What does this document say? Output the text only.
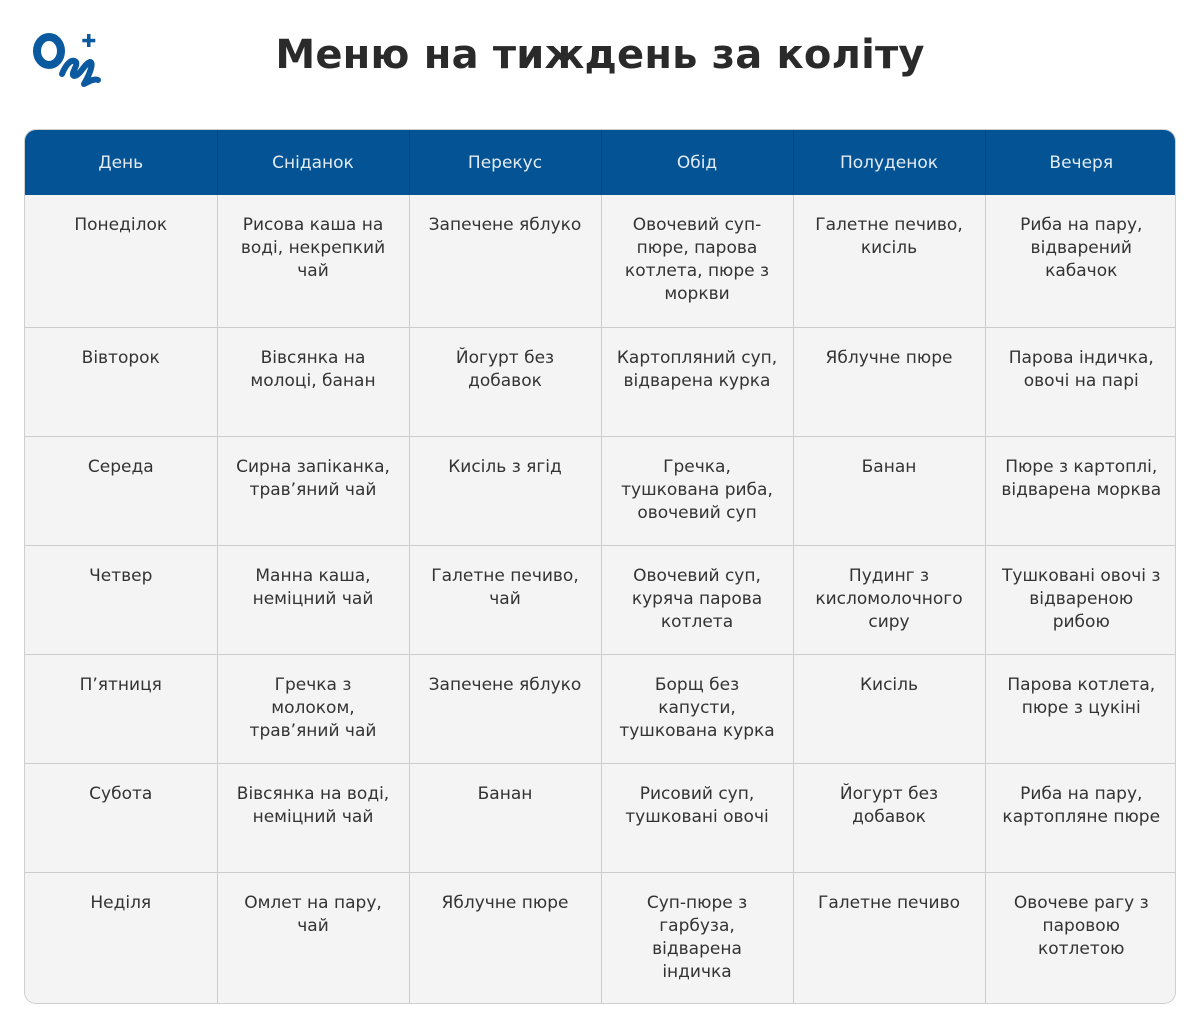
Меню на тиждень за коліту
День	Сніданок	Перекус	Обід	Полуденок	Вечеря
Понеділок	Рисова каша на воді, некрепкий чай	Запечене яблуко	Овочевий суп-пюре, парова котлета, пюре з моркви	Галетне печиво, кисіль	Риба на пару, відварений кабачок
Вівторок	Вівсянка на молоці, банан	Йогурт без добавок	Картопляний суп, відварена курка	Яблучне пюре	Парова індичка, овочі на парі
Середа	Сирна запіканка, трав’яний чай	Кисіль з ягід	Гречка, тушкована риба, овочевий суп	Банан	Пюре з картоплі, відварена морква
Четвер	Манна каша, неміцний чай	Галетне печиво, чай	Овочевий суп, куряча парова котлета	Пудинг з кисломолочного сиру	Тушковані овочі з відвареною рибою
П’ятниця	Гречка з молоком, трав’яний чай	Запечене яблуко	Борщ без капусти, тушкована курка	Кисіль	Парова котлета, пюре з цукіні
Субота	Вівсянка на воді, неміцний чай	Банан	Рисовий суп, тушковані овочі	Йогурт без добавок	Риба на пару, картопляне пюре
Неділя	Омлет на пару, чай	Яблучне пюре	Суп-пюре з гарбуза, відварена індичка	Галетне печиво	Овочеве рагу з паровою котлетою
